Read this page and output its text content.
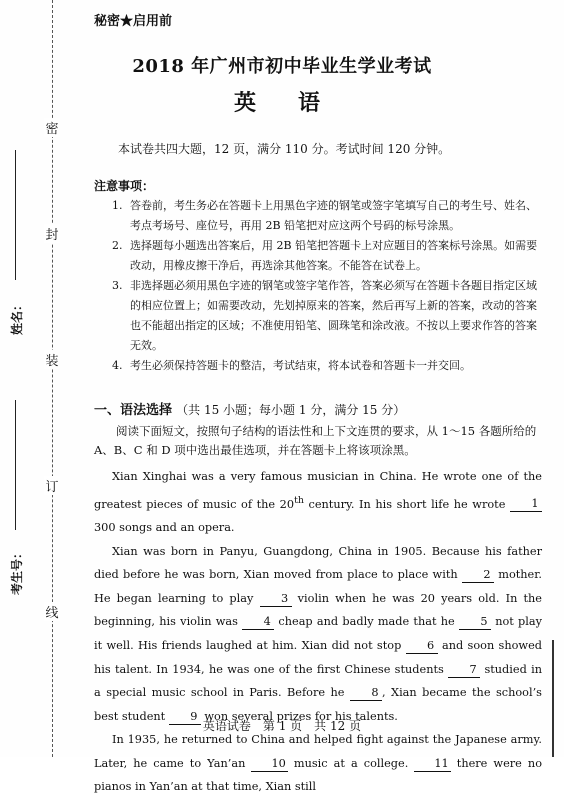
密
封
装
订
线
姓名：
考生号：
秘密★启用前
2018 年广州市初中毕业生学业考试
英　语
本试卷共四大题，12 页，满分 110 分。考试时间 120 分钟。
注意事项：
1. 答卷前，考生务必在答题卡上用黑色字迹的钢笔或签字笔填写自己的考生号、姓名、考点考场号、座位号，再用 2B 铅笔把对应这两个号码的标号涂黑。
2. 选择题每小题选出答案后，用 2B 铅笔把答题卡上对应题目的答案标号涂黑。如需要改动，用橡皮擦干净后，再选涂其他答案。不能答在试卷上。
3. 非选择题必须用黑色字迹的钢笔或签字笔作答，答案必须写在答题卡各题目指定区域的相应位置上；如需要改动，先划掉原来的答案，然后再写上新的答案，改动的答案也不能超出指定的区域；不准使用铅笔、圆珠笔和涂改液。不按以上要求作答的答案无效。
4. 考生必须保持答题卡的整洁，考试结束，将本试卷和答题卡一并交回。
一、语法选择 （共 15 小题；每小题 1 分，满分 15 分）
阅读下面短文，按照句子结构的语法性和上下文连贯的要求，从 1～15 各题所给的 A、B、C 和 D 项中选出最佳选项，并在答题卡上将该项涂黑。

Xian Xinghai was a very famous musician in China. He wrote one of the greatest pieces of music of the 20th century. In his short life he wrote 1 300 songs and an opera.

Xian was born in Panyu, Guangdong, China in 1905. Because his father died before he was born, Xian moved from place to place with 2 mother. He began learning to play 3 violin when he was 20 years old. In the beginning, his violin was 4 cheap and badly made that he 5 not play it well. His friends laughed at him. Xian did not stop 6 and soon showed his talent. In 1934, he was one of the first Chinese students 7 studied in a special music school in Paris. Before he 8 , Xian became the school’s best student 9 won several prizes for his talents.

In 1935, he returned to China and helped fight against the Japanese army. Later, he came to Yan’an 10 music at a college. 11 there were no pianos in Yan’an at that time, Xian still

英语试卷　第 1 页　共 12 页
